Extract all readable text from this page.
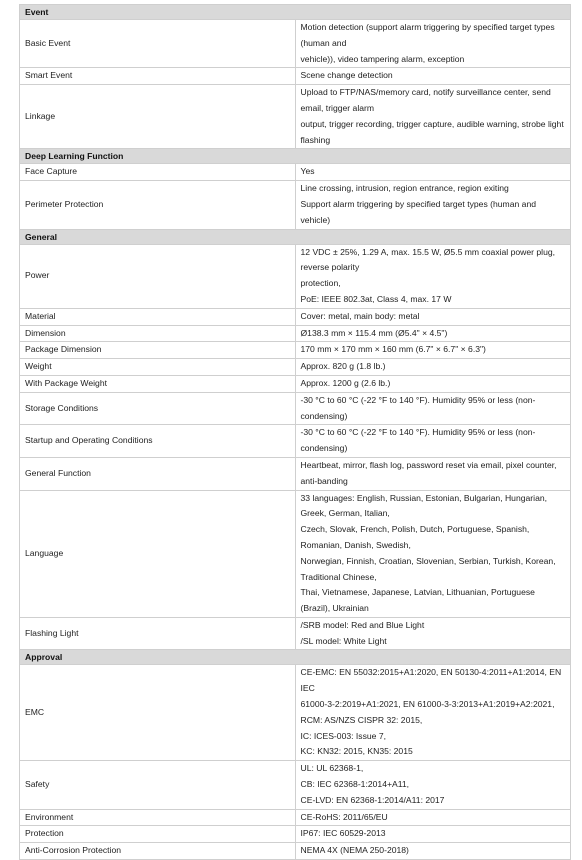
Event	
Basic Event	Motion detection (support alarm triggering by specified target types (human and
vehicle)), video tampering alarm, exception

Smart Event	Scene change detection

Linkage	Upload to FTP/NAS/memory card, notify surveillance center, send email, trigger alarm
output, trigger recording, trigger capture, audible warning, strobe light flashing

Deep Learning Function	
Face Capture	Yes

Perimeter Protection	Line crossing, intrusion, region entrance, region exiting
Support alarm triggering by specified target types (human and vehicle)

General	
Power	12 VDC ± 25%, 1.29 A, max. 15.5 W, Ø5.5 mm coaxial power plug, reverse polarity
protection,
PoE: IEEE 802.3at, Class 4, max. 17 W

Material	Cover: metal, main body: metal

Dimension	Ø138.3 mm × 115.4 mm (Ø5.4" × 4.5")

Package Dimension	170 mm × 170 mm × 160 mm (6.7" × 6.7" × 6.3")

Weight	Approx. 820 g (1.8 lb.)

With Package Weight	Approx. 1200 g (2.6 lb.)

Storage Conditions	-30 °C to 60 °C (-22 °F to 140 °F). Humidity 95% or less (non-condensing)

Startup and Operating Conditions	-30 °C to 60 °C (-22 °F to 140 °F). Humidity 95% or less (non-condensing)

General Function	Heartbeat, mirror, flash log, password reset via email, pixel counter, anti-banding

Language	33 languages: English, Russian, Estonian, Bulgarian, Hungarian, Greek, German, Italian,
Czech, Slovak, French, Polish, Dutch, Portuguese, Spanish, Romanian, Danish, Swedish,
Norwegian, Finnish, Croatian, Slovenian, Serbian, Turkish, Korean, Traditional Chinese,
Thai, Vietnamese, Japanese, Latvian, Lithuanian, Portuguese (Brazil), Ukrainian

Flashing Light	/SRB model: Red and Blue Light
/SL model: White Light

Approval	
EMC	CE-EMC: EN 55032:2015+A1:2020, EN 50130-4:2011+A1:2014, EN IEC
61000-3-2:2019+A1:2021, EN 61000-3-3:2013+A1:2019+A2:2021,
RCM: AS/NZS CISPR 32: 2015,
IC: ICES-003: Issue 7,
KC: KN32: 2015, KN35: 2015

Safety	UL: UL 62368-1,
CB: IEC 62368-1:2014+A11,
CE-LVD: EN 62368-1:2014/A11: 2017

Environment	CE-RoHS: 2011/65/EU

Protection	IP67: IEC 60529-2013

Anti-Corrosion Protection	NEMA 4X (NEMA 250-2018)
